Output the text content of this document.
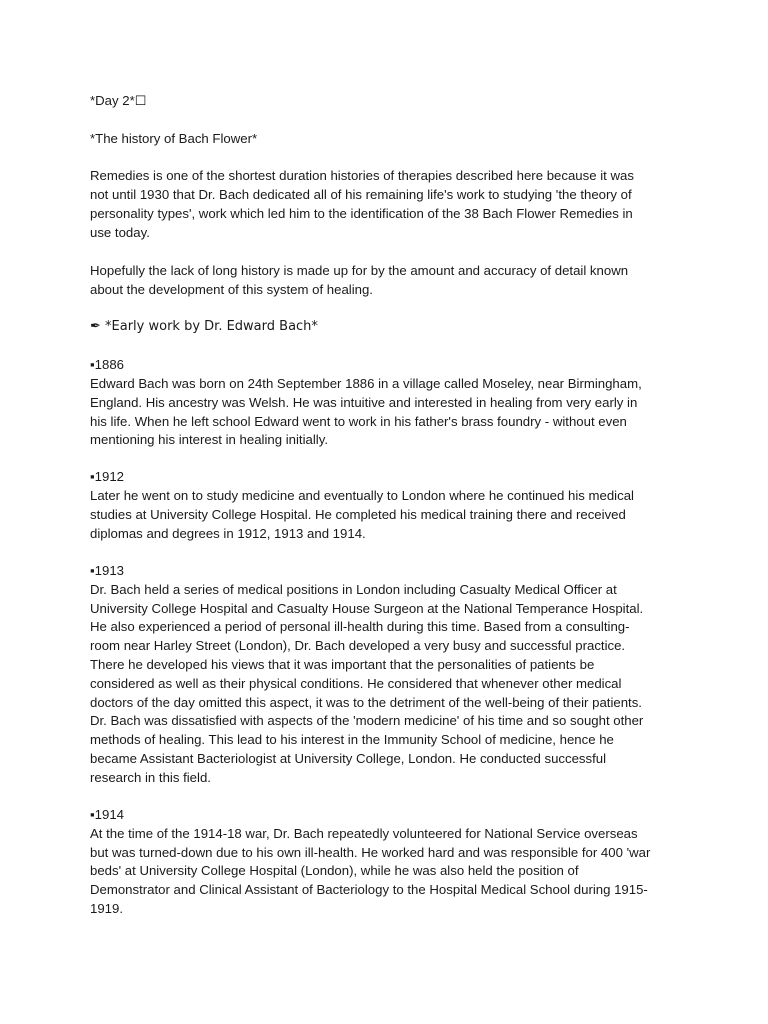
*Day 2*☐
*The history of Bach Flower*
Remedies is one of the shortest duration histories of therapies described here because it was
not until 1930 that Dr. Bach dedicated all of his remaining life's work to studying 'the theory of
personality types', work which led him to the identification of the 38 Bach Flower Remedies in
use today.
Hopefully the lack of long history is made up for by the amount and accuracy of detail known
about the development of this system of healing.
✒ *Early work by Dr. Edward Bach*
▪1886
Edward Bach was born on 24th September 1886 in a village called Moseley, near Birmingham,
England. His ancestry was Welsh. He was intuitive and interested in healing from very early in
his life. When he left school Edward went to work in his father's brass foundry - without even
mentioning his interest in healing initially.
▪1912
Later he went on to study medicine and eventually to London where he continued his medical
studies at University College Hospital. He completed his medical training there and received
diplomas and degrees in 1912, 1913 and 1914.
▪1913
Dr. Bach held a series of medical positions in London including Casualty Medical Officer at
University College Hospital and Casualty House Surgeon at the National Temperance Hospital.
He also experienced a period of personal ill-health during this time. Based from a consulting-
room near Harley Street (London), Dr. Bach developed a very busy and successful practice.
There he developed his views that it was important that the personalities of patients be
considered as well as their physical conditions. He considered that whenever other medical
doctors of the day omitted this aspect, it was to the detriment of the well-being of their patients.
Dr. Bach was dissatisfied with aspects of the 'modern medicine' of his time and so sought other
methods of healing. This lead to his interest in the Immunity School of medicine, hence he
became Assistant Bacteriologist at University College, London. He conducted successful
research in this field.
▪1914
At the time of the 1914-18 war, Dr. Bach repeatedly volunteered for National Service overseas
but was turned-down due to his own ill-health. He worked hard and was responsible for 400 'war
beds' at University College Hospital (London), while he was also held the position of
Demonstrator and Clinical Assistant of Bacteriology to the Hospital Medical School during 1915-
1919.
